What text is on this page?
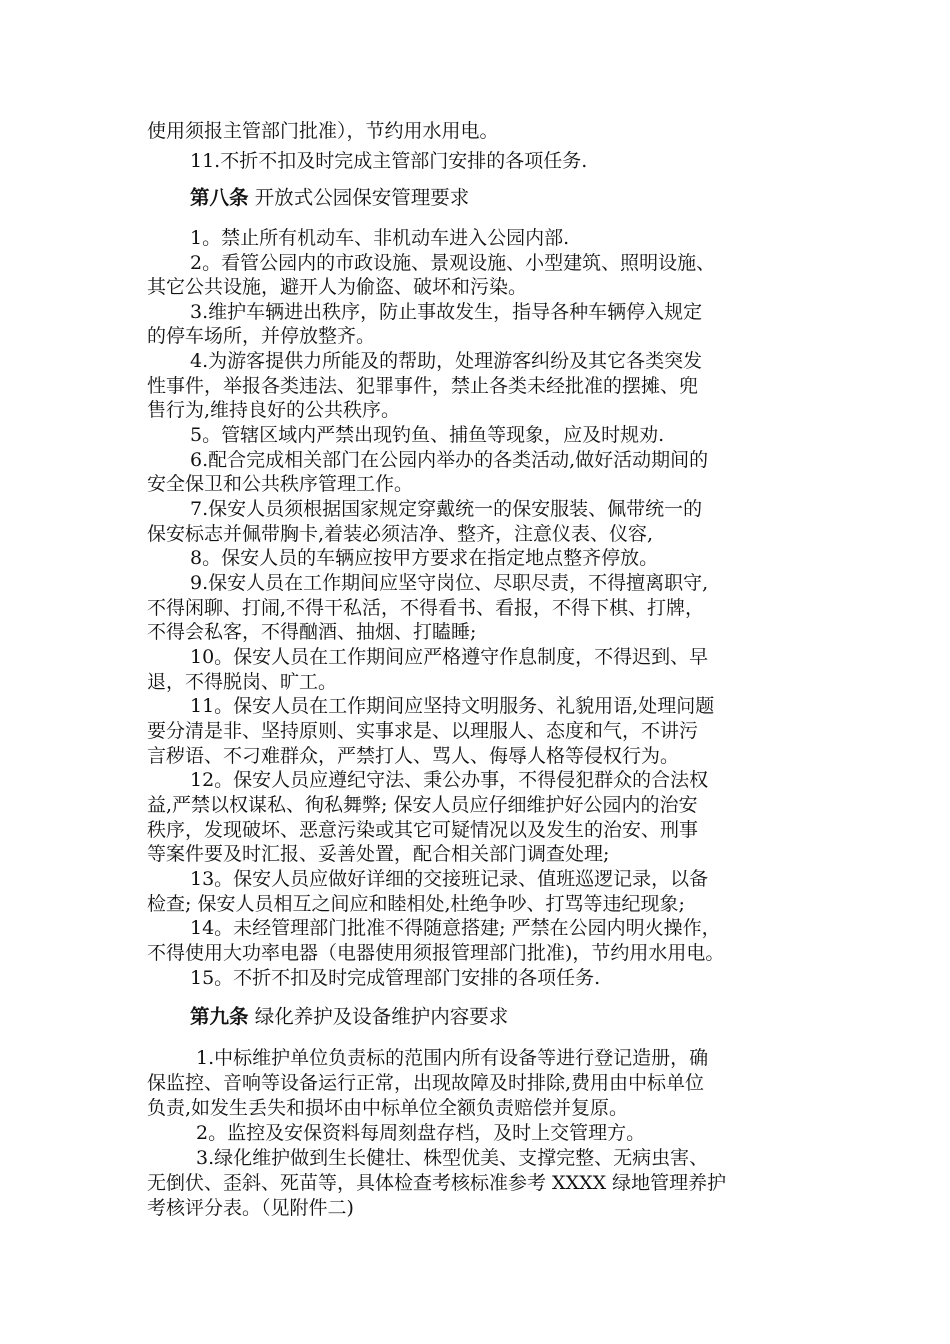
使用须报主管部门批准），节约用水用电。
11.不折不扣及时完成主管部门安排的各项任务.
第八条 开放式公园保安管理要求
1。禁止所有机动车、非机动车进入公园内部.
2。看管公园内的市政设施、景观设施、小型建筑、照明设施、
其它公共设施，避开人为偷盗、破坏和污染。
3.维护车辆进出秩序，防止事故发生，指导各种车辆停入规定
的停车场所，并停放整齐。
4.为游客提供力所能及的帮助，处理游客纠纷及其它各类突发
性事件，举报各类违法、犯罪事件，禁止各类未经批准的摆摊、兜
售行为,维持良好的公共秩序。
5。管辖区域内严禁出现钓鱼、捕鱼等现象，应及时规劝.
6.配合完成相关部门在公园内举办的各类活动,做好活动期间的
安全保卫和公共秩序管理工作。
7.保安人员须根据国家规定穿戴统一的保安服装、佩带统一的
保安标志并佩带胸卡,着装必须洁净、整齐，注意仪表、仪容,
8。保安人员的车辆应按甲方要求在指定地点整齐停放。
9.保安人员在工作期间应坚守岗位、尽职尽责，不得擅离职守,
不得闲聊、打闹,不得干私活，不得看书、看报，不得下棋、打牌，
不得会私客，不得酗酒、抽烟、打瞌睡;
10。保安人员在工作期间应严格遵守作息制度，不得迟到、早
退，不得脱岗、旷工。
11。保安人员在工作期间应坚持文明服务、礼貌用语,处理问题
要分清是非、坚持原则、实事求是、以理服人、态度和气，不讲污
言秽语、不刁难群众，严禁打人、骂人、侮辱人格等侵权行为。
12。保安人员应遵纪守法、秉公办事，不得侵犯群众的合法权
益,严禁以权谋私、徇私舞弊; 保安人员应仔细维护好公园内的治安
秩序，发现破坏、恶意污染或其它可疑情况以及发生的治安、刑事
等案件要及时汇报、妥善处置，配合相关部门调查处理;
13。保安人员应做好详细的交接班记录、值班巡逻记录，以备
检查; 保安人员相互之间应和睦相处,杜绝争吵、打骂等违纪现象;
14。未经管理部门批准不得随意搭建; 严禁在公园内明火操作，
不得使用大功率电器（电器使用须报管理部门批准)，节约用水用电。
15。不折不扣及时完成管理部门安排的各项任务.
第九条 绿化养护及设备维护内容要求
1.中标维护单位负责标的范围内所有设备等进行登记造册，确
保监控、音响等设备运行正常，出现故障及时排除,费用由中标单位
负责,如发生丢失和损坏由中标单位全额负责赔偿并复原。
2。监控及安保资料每周刻盘存档，及时上交管理方。
3.绿化维护做到生长健壮、株型优美、支撑完整、无病虫害、
无倒伏、歪斜、死苗等，具体检查考核标准参考 XXXX 绿地管理养护
考核评分表。（见附件二)
